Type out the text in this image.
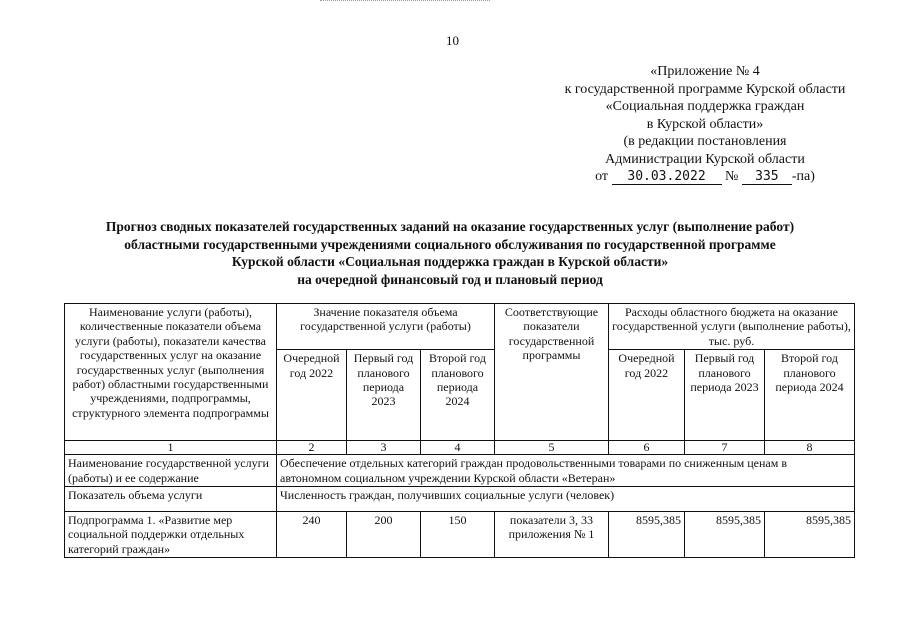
10
«Приложение № 4
к государственной программе Курской области
«Социальная поддержка граждан
в Курской области»
(в редакции постановления
Администрации Курской области
от 30.03.2022 № 335 -па)
Прогноз сводных показателей государственных заданий на оказание государственных услуг (выполнение работ)
областными государственными учреждениями социального обслуживания по государственной программе
Курской области «Социальная поддержка граждан в Курской области»
на очередной финансовый год и плановый период
Наименование услуги (работы), количественные показатели объема услуги (работы), показатели качества государственных услуг на оказание государственных услуг (выполнения работ) областными государственными учреждениями, подпрограммы, структурного элемента подпрограммы	Значение показателя объема государственной услуги (работы)			Соответствующие показатели государственной программы	Расходы областного бюджета на оказание государственной услуги (выполнение работы), тыс. руб.		
	Очередной год 2022	Первый год планового периода 2023	Второй год планового периода 2024		Очередной год 2022	Первый год планового периода 2023	Второй год планового периода 2024
1	2	3	4	5	6	7	8
Наименование государственной услуги (работы) и ее содержание	Обеспечение отдельных категорий граждан продовольственными товарами по сниженным ценам в автономном социальном учреждении Курской области «Ветеран»						
Показатель объема услуги	Численность граждан, получивших социальные услуги (человек)						
Подпрограмма 1. «Развитие мер социальной поддержки отдельных категорий граждан»	240	200	150	показатели 3, 33 приложения № 1	8595,385	8595,385	8595,385
